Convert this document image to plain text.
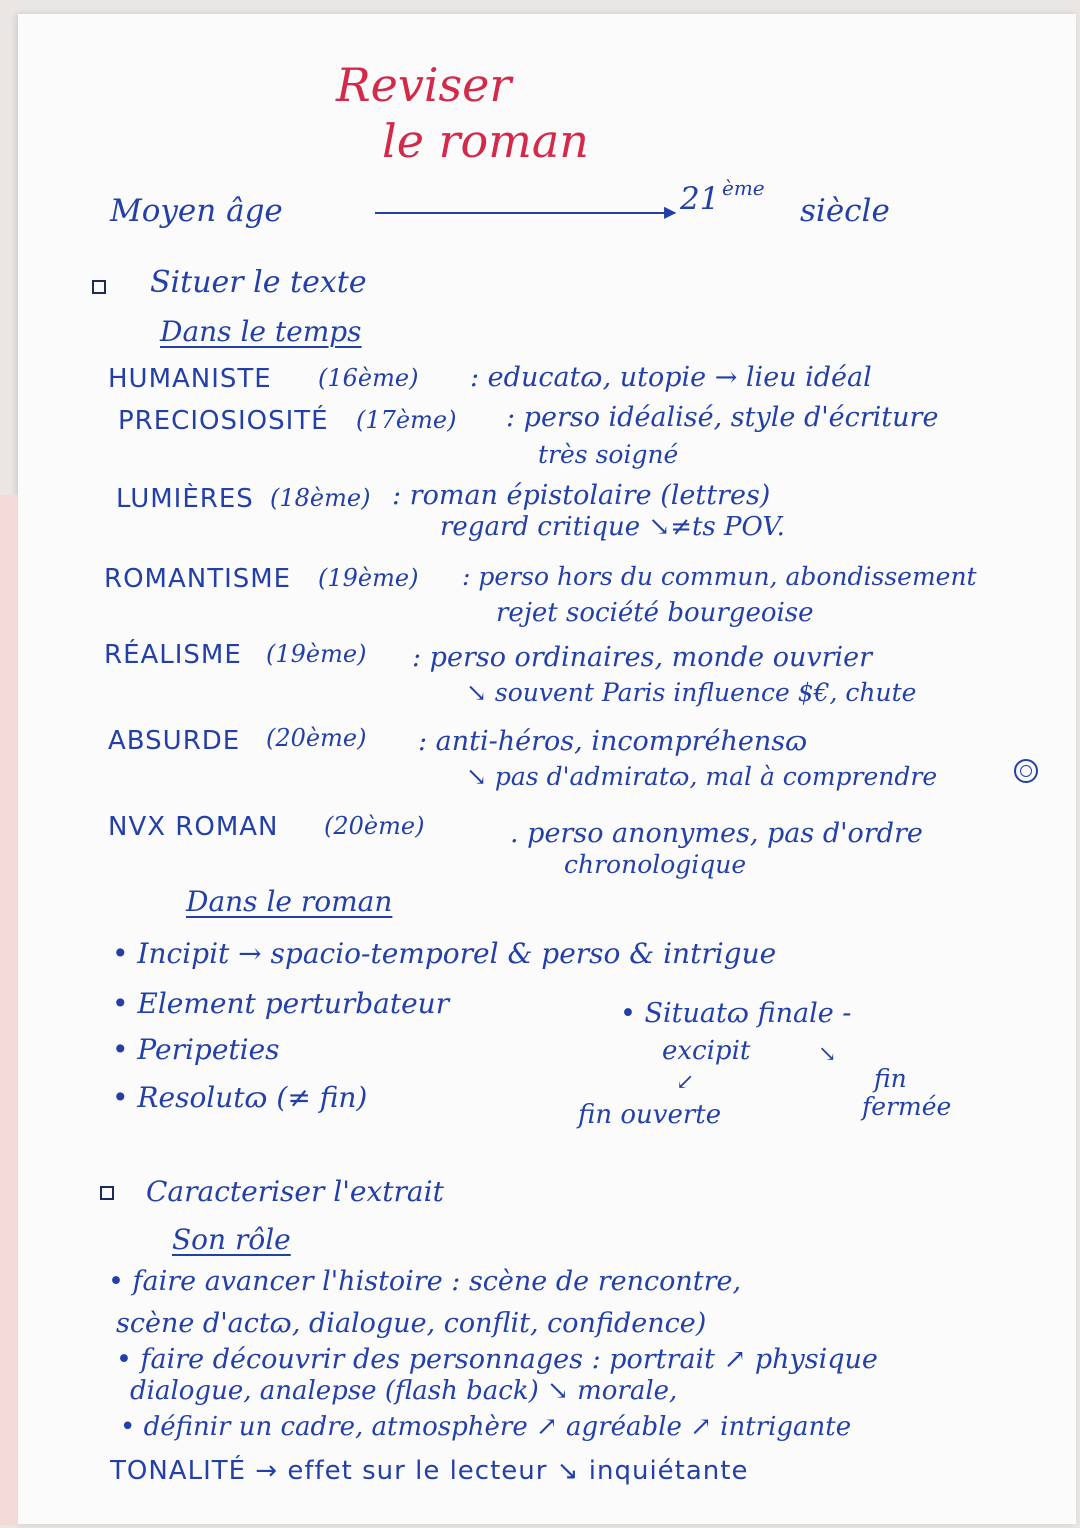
Reviser
le roman
Moyen âge	▶ 21 ème
siècle
Situer le texte
Dans le temps
HUMANISTE (16ème) : educatɷ, utopie → lieu idéal
PRECIOSIOSITÉ (17ème) : perso idéalisé, style d'écriture
très soigné
LUMIÈRES (18ème) : roman épistolaire (lettres)
regard critique ↘≠ts POV.
ROMANTISME (19ème) : perso hors du commun, abondissement
rejet société bourgeoise
RÉALISME (19ème) : perso ordinaires, monde ouvrier
↘ souvent Paris influence $€, chute
ABSURDE (20ème) : anti-héros, incompréhensɷ
↘ pas d'admiratɷ, mal à comprendre
NVX ROMAN (20ème)	. perso anonymes, pas d'ordre
chronologique
Dans le roman
• Incipit → spacio-temporel & perso & intrigue
• Element perturbateur
• Peripeties
• Resolutɷ (≠ fin)
• Situatɷ finale -
excipit
↙
↘
fin ouverte
fin
fermée
Caracteriser l'extrait
Son rôle
• faire avancer l'histoire : scène de rencontre,
scène d'actɷ, dialogue, conflit, confidence)
• faire découvrir des personnages : portrait ↗ physique
dialogue, analepse (flash back) ↘ morale,
• définir un cadre, atmosphère ↗ agréable ↗ intrigante
TONALITÉ → effet sur le lecteur ↘ inquiétante
